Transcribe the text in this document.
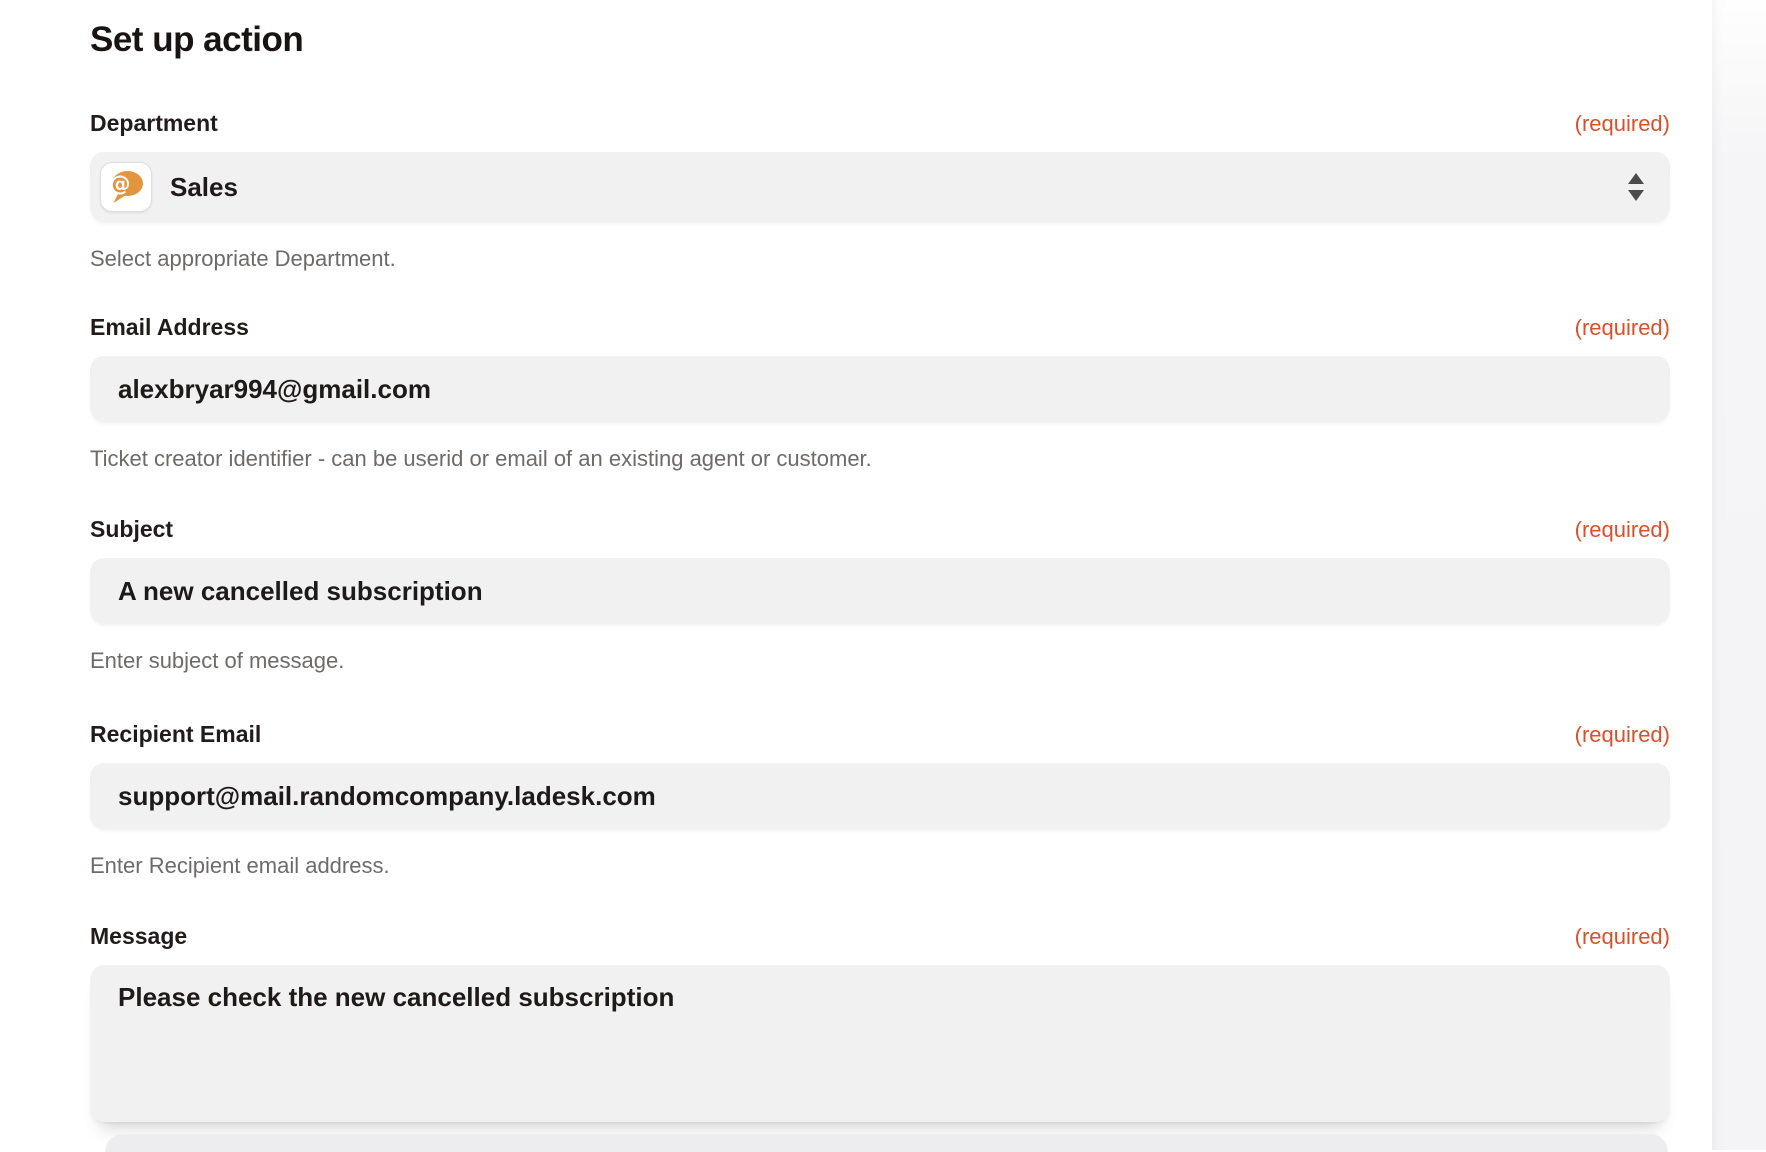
Set up action
Department	(required)
@ Sales

Select appropriate Department.

Email Address	(required)
alexbryar994@gmail.com

Ticket creator identifier - can be userid or email of an existing agent or customer.

Subject	(required)
A new cancelled subscription

Enter subject of message.

Recipient Email	(required)
support@mail.randomcompany.ladesk.com

Enter Recipient email address.

Message	(required)
Please check the new cancelled subscription
